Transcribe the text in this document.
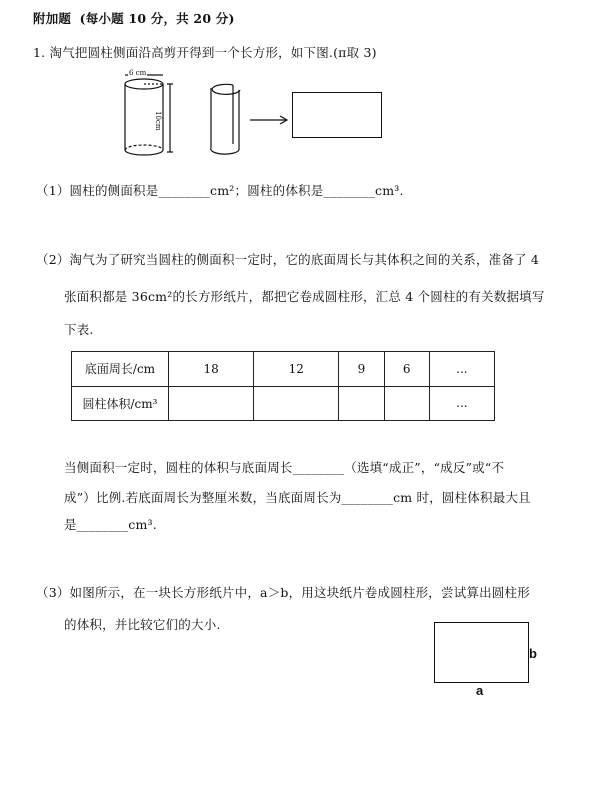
附加题 (每小题 10 分，共 20 分)
1. 淘气把圆柱侧面沿高剪开得到一个长方形，如下图.(π取 3)
6 cm
10cm
（1）圆柱的侧面积是________cm²；圆柱的体积是________cm³.
（2）淘气为了研究当圆柱的侧面积一定时，它的底面周长与其体积之间的关系，准备了 4
张面积都是 36cm²的长方形纸片，都把它卷成圆柱形，汇总 4 个圆柱的有关数据填写
下表.
底面周长/cm	18	12	9	6	...
圆柱体积/cm³					...
当侧面积一定时，圆柱的体积与底面周长________（选填“成正”，“成反”或“不
成”）比例.若底面周长为整厘米数，当底面周长为________cm 时，圆柱体积最大且
是________cm³.
（3）如图所示，在一块长方形纸片中，a＞b，用这块纸片卷成圆柱形，尝试算出圆柱形
的体积，并比较它们的大小.
b
a
